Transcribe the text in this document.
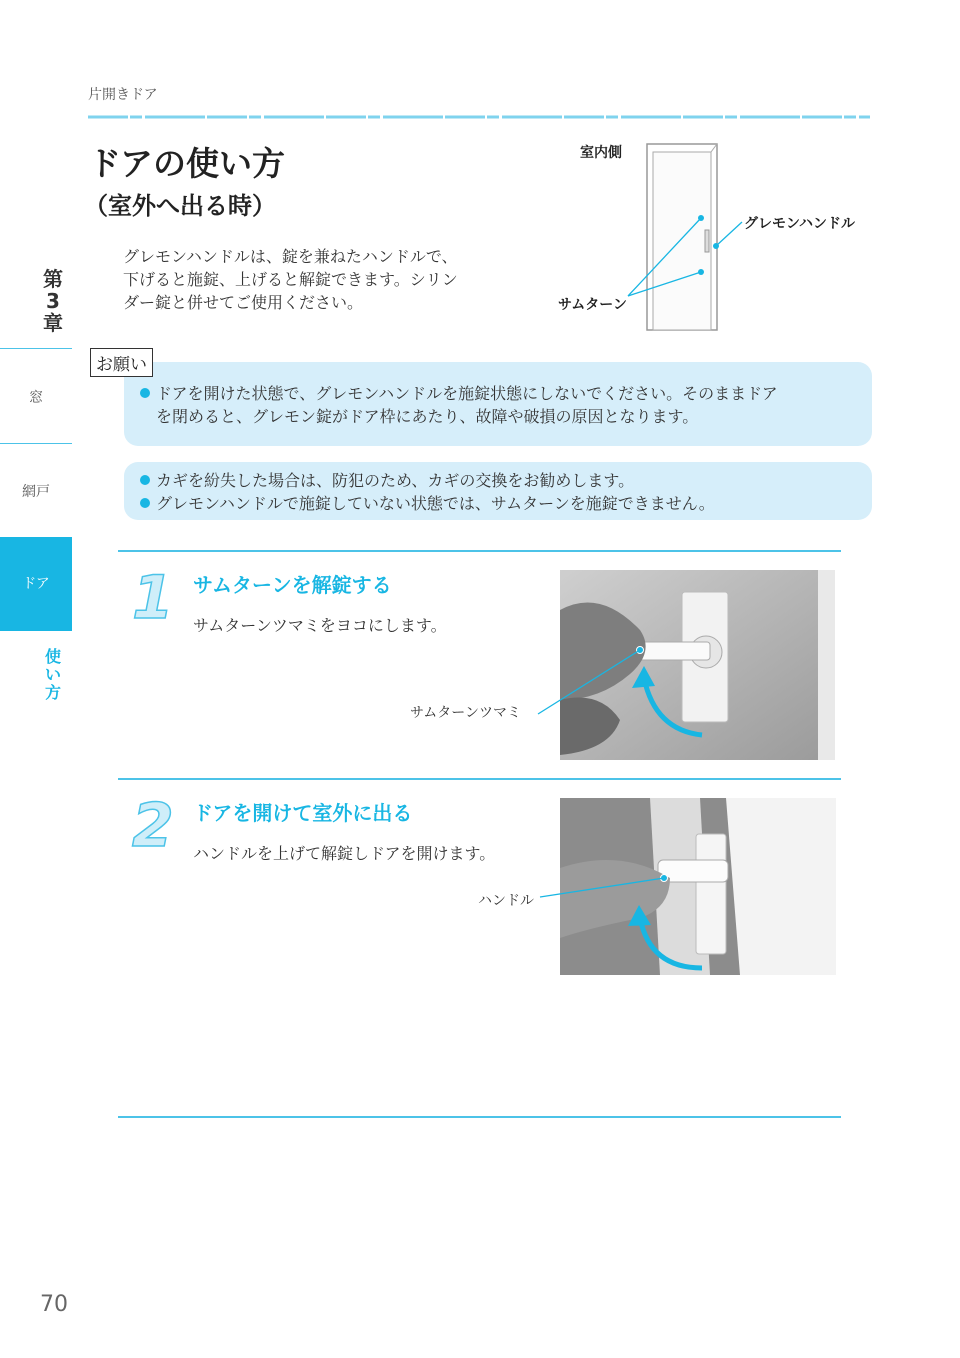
片開きドア
ドアの使い方
（室外へ出る時）
グレモンハンドルは、錠を兼ねたハンドルで、
下げると施錠、上げると解錠できます。シリン
ダー錠と併せてご使用ください。
第
3
章
窓
網戸
ドア
使
い
方
室内側
グレモンハンドル
サムターン
お願い
ドアを開けた状態で、グレモンハンドルを施錠状態にしないでください。そのままドア
を閉めると、グレモン錠がドア枠にあたり、故障や破損の原因となります。
カギを紛失した場合は、防犯のため、カギの交換をお勧めします。
グレモンハンドルで施錠していない状態では、サムターンを施錠できません。
1 サムターンを解錠する
サムターンツマミをヨコにします。
サムターンツマミ
2 ドアを開けて室外に出る
ハンドルを上げて解錠しドアを開けます。
ハンドル
70
